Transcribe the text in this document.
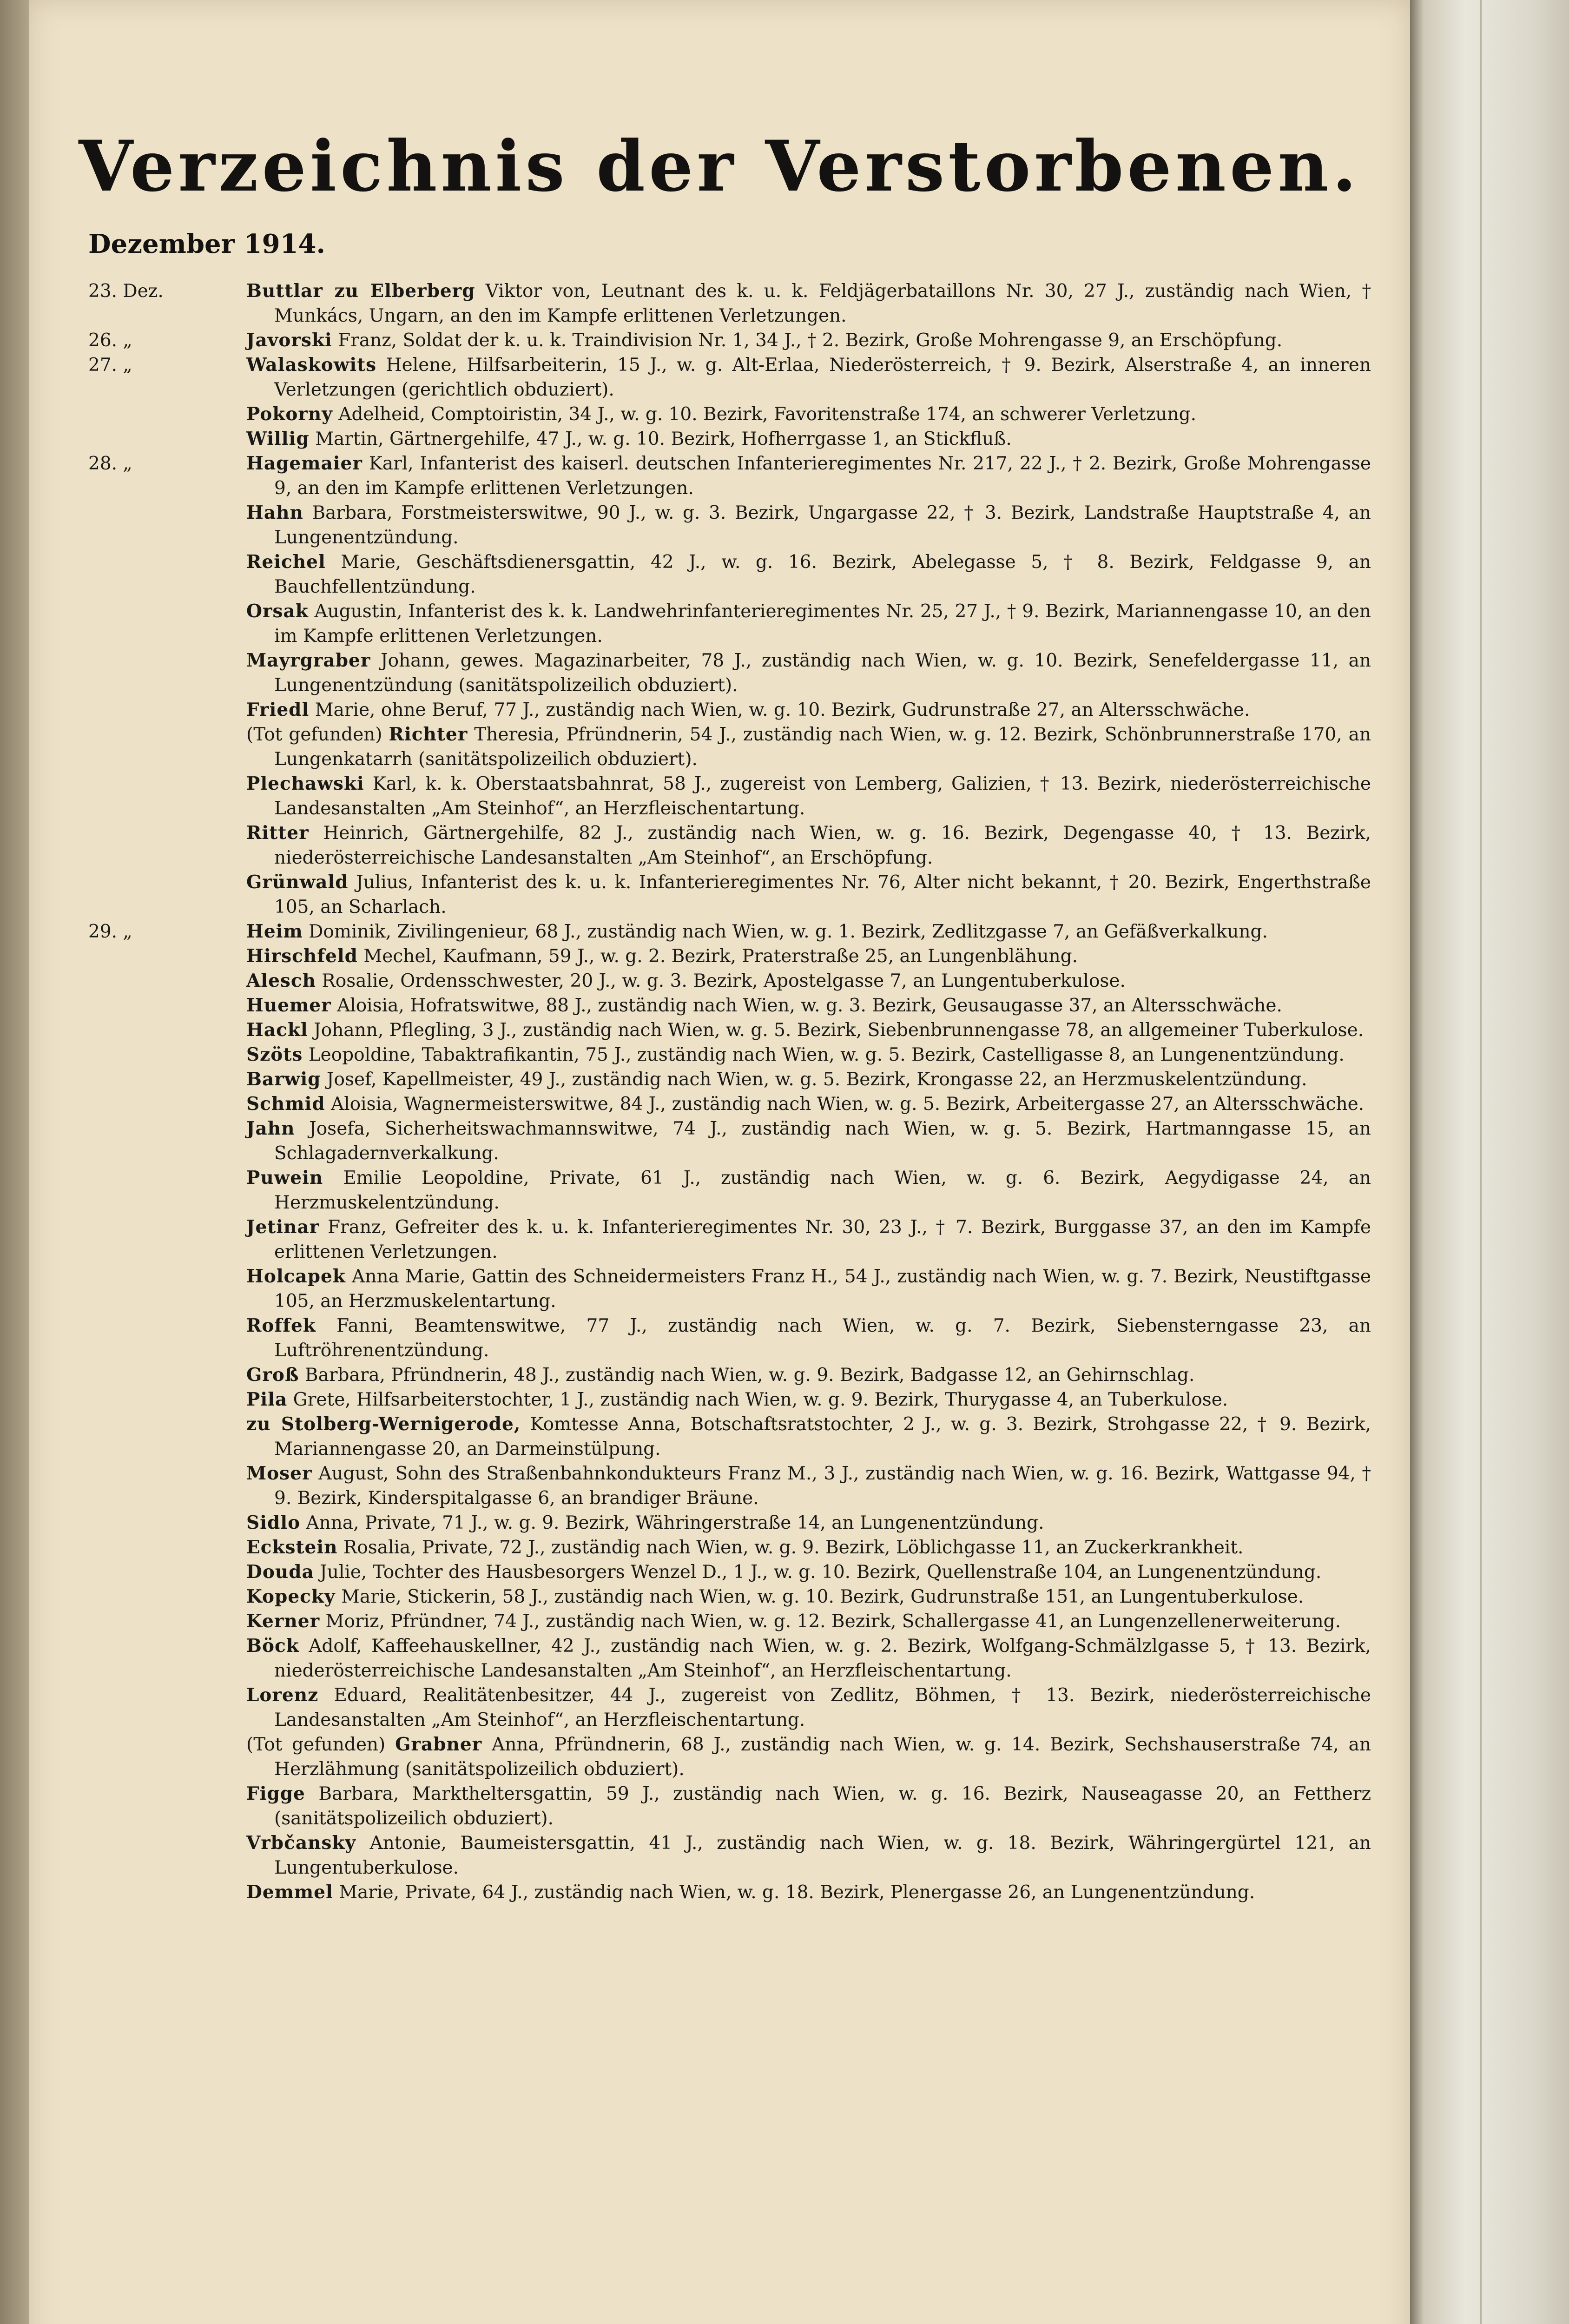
Verzeichnis der Verstorbenen.
Dezember 1914.
23. Dez.	Buttlar zu Elberberg Viktor von, Leutnant des k. u. k. Feldjägerbataillons Nr. 30, 27 J., zuständig nach Wien, † Munkács, Ungarn, an den im Kampfe erlittenen Verletzungen.
26. „	Javorski Franz, Soldat der k. u. k. Traindivision Nr. 1, 34 J., † 2. Bezirk, Große Mohrengasse 9, an Erschöpfung.
27. „	Walaskowits Helene, Hilfsarbeiterin, 15 J., w. g. Alt-Erlaa, Niederösterreich, † 9. Bezirk, Alserstraße 4, an inneren Verletzungen (gerichtlich obduziert).
Pokorny Adelheid, Comptoiristin, 34 J., w. g. 10. Bezirk, Favoritenstraße 174, an schwerer Verletzung.
Willig Martin, Gärtnergehilfe, 47 J., w. g. 10. Bezirk, Hofherrgasse 1, an Stickfluß.
28. „	Hagemaier Karl, Infanterist des kaiserl. deutschen Infanterieregimentes Nr. 217, 22 J., † 2. Bezirk, Große Mohrengasse 9, an den im Kampfe erlittenen Verletzungen.
Hahn Barbara, Forstmeisterswitwe, 90 J., w. g. 3. Bezirk, Ungargasse 22, † 3. Bezirk, Landstraße Hauptstraße 4, an Lungenentzündung.
Reichel Marie, Geschäftsdienersgattin, 42 J., w. g. 16. Bezirk, Abelegasse 5, † 8. Bezirk, Feldgasse 9, an Bauchfellentzündung.
Orsak Augustin, Infanterist des k. k. Landwehrinfanterieregimentes Nr. 25, 27 J., † 9. Bezirk, Mariannengasse 10, an den im Kampfe erlittenen Verletzungen.
Mayrgraber Johann, gewes. Magazinarbeiter, 78 J., zuständig nach Wien, w. g. 10. Bezirk, Senefeldergasse 11, an Lungenentzündung (sanitätspolizeilich obduziert).
Friedl Marie, ohne Beruf, 77 J., zuständig nach Wien, w. g. 10. Bezirk, Gudrunstraße 27, an Altersschwäche.
(Tot gefunden) Richter Theresia, Pfründnerin, 54 J., zuständig nach Wien, w. g. 12. Bezirk, Schönbrunnerstraße 170, an Lungenkatarrh (sanitätspolizeilich obduziert).
Plechawski Karl, k. k. Oberstaatsbahnrat, 58 J., zugereist von Lemberg, Galizien, † 13. Bezirk, niederösterreichische Landesanstalten „Am Steinhof“, an Herzfleischentartung.
Ritter Heinrich, Gärtnergehilfe, 82 J., zuständig nach Wien, w. g. 16. Bezirk, Degengasse 40, † 13. Bezirk, niederösterreichische Landesanstalten „Am Steinhof“, an Erschöpfung.
Grünwald Julius, Infanterist des k. u. k. Infanterieregimentes Nr. 76, Alter nicht bekannt, † 20. Bezirk, Engerthstraße 105, an Scharlach.
29. „	Heim Dominik, Zivilingenieur, 68 J., zuständig nach Wien, w. g. 1. Bezirk, Zedlitzgasse 7, an Gefäßverkalkung.
Hirschfeld Mechel, Kaufmann, 59 J., w. g. 2. Bezirk, Praterstraße 25, an Lungenblähung.
Alesch Rosalie, Ordensschwester, 20 J., w. g. 3. Bezirk, Apostelgasse 7, an Lungentuberkulose.
Huemer Aloisia, Hofratswitwe, 88 J., zuständig nach Wien, w. g. 3. Bezirk, Geusaugasse 37, an Altersschwäche.
Hackl Johann, Pflegling, 3 J., zuständig nach Wien, w. g. 5. Bezirk, Siebenbrunnengasse 78, an allgemeiner Tuberkulose.
Szöts Leopoldine, Tabaktrafikantin, 75 J., zuständig nach Wien, w. g. 5. Bezirk, Castelligasse 8, an Lungenentzündung.
Barwig Josef, Kapellmeister, 49 J., zuständig nach Wien, w. g. 5. Bezirk, Krongasse 22, an Herzmuskelentzündung.
Schmid Aloisia, Wagnermeisterswitwe, 84 J., zuständig nach Wien, w. g. 5. Bezirk, Arbeitergasse 27, an Altersschwäche.
Jahn Josefa, Sicherheitswachmannswitwe, 74 J., zuständig nach Wien, w. g. 5. Bezirk, Hartmanngasse 15, an Schlagadernverkalkung.
Puwein Emilie Leopoldine, Private, 61 J., zuständig nach Wien, w. g. 6. Bezirk, Aegydigasse 24, an Herzmuskelentzündung.
Jetinar Franz, Gefreiter des k. u. k. Infanterieregimentes Nr. 30, 23 J., † 7. Bezirk, Burggasse 37, an den im Kampfe erlittenen Verletzungen.
Holcapek Anna Marie, Gattin des Schneidermeisters Franz H., 54 J., zuständig nach Wien, w. g. 7. Bezirk, Neustiftgasse 105, an Herzmuskelentartung.
Roffek Fanni, Beamtenswitwe, 77 J., zuständig nach Wien, w. g. 7. Bezirk, Siebensterngasse 23, an Luftröhrenentzündung.
Groß Barbara, Pfründnerin, 48 J., zuständig nach Wien, w. g. 9. Bezirk, Badgasse 12, an Gehirnschlag.
Pila Grete, Hilfsarbeiterstochter, 1 J., zuständig nach Wien, w. g. 9. Bezirk, Thurygasse 4, an Tuberkulose.
zu Stolberg-Wernigerode, Komtesse Anna, Botschaftsratstochter, 2 J., w. g. 3. Bezirk, Strohgasse 22, † 9. Bezirk, Mariannengasse 20, an Darmeinstülpung.
Moser August, Sohn des Straßenbahnkondukteurs Franz M., 3 J., zuständig nach Wien, w. g. 16. Bezirk, Wattgasse 94, † 9. Bezirk, Kinderspitalgasse 6, an brandiger Bräune.
Sidlo Anna, Private, 71 J., w. g. 9. Bezirk, Währingerstraße 14, an Lungenentzündung.
Eckstein Rosalia, Private, 72 J., zuständig nach Wien, w. g. 9. Bezirk, Löblichgasse 11, an Zuckerkrankheit.
Douda Julie, Tochter des Hausbesorgers Wenzel D., 1 J., w. g. 10. Bezirk, Quellenstraße 104, an Lungenentzündung.
Kopecky Marie, Stickerin, 58 J., zuständig nach Wien, w. g. 10. Bezirk, Gudrunstraße 151, an Lungentuberkulose.
Kerner Moriz, Pfründner, 74 J., zuständig nach Wien, w. g. 12. Bezirk, Schallergasse 41, an Lungenzellenerweiterung.
Böck Adolf, Kaffeehauskellner, 42 J., zuständig nach Wien, w. g. 2. Bezirk, Wolfgang-Schmälzlgasse 5, † 13. Bezirk, niederösterreichische Landesanstalten „Am Steinhof“, an Herzfleischentartung.
Lorenz Eduard, Realitätenbesitzer, 44 J., zugereist von Zedlitz, Böhmen, † 13. Bezirk, niederösterreichische Landesanstalten „Am Steinhof“, an Herzfleischentartung.
(Tot gefunden) Grabner Anna, Pfründnerin, 68 J., zuständig nach Wien, w. g. 14. Bezirk, Sechshauserstraße 74, an Herzlähmung (sanitätspolizeilich obduziert).
Figge Barbara, Marktheltersgattin, 59 J., zuständig nach Wien, w. g. 16. Bezirk, Nauseagasse 20, an Fettherz (sanitätspolizeilich obduziert).
Vrbčansky Antonie, Baumeistersgattin, 41 J., zuständig nach Wien, w. g. 18. Bezirk, Währingergürtel 121, an Lungentuberkulose.
Demmel Marie, Private, 64 J., zuständig nach Wien, w. g. 18. Bezirk, Plenergasse 26, an Lungenentzündung.
